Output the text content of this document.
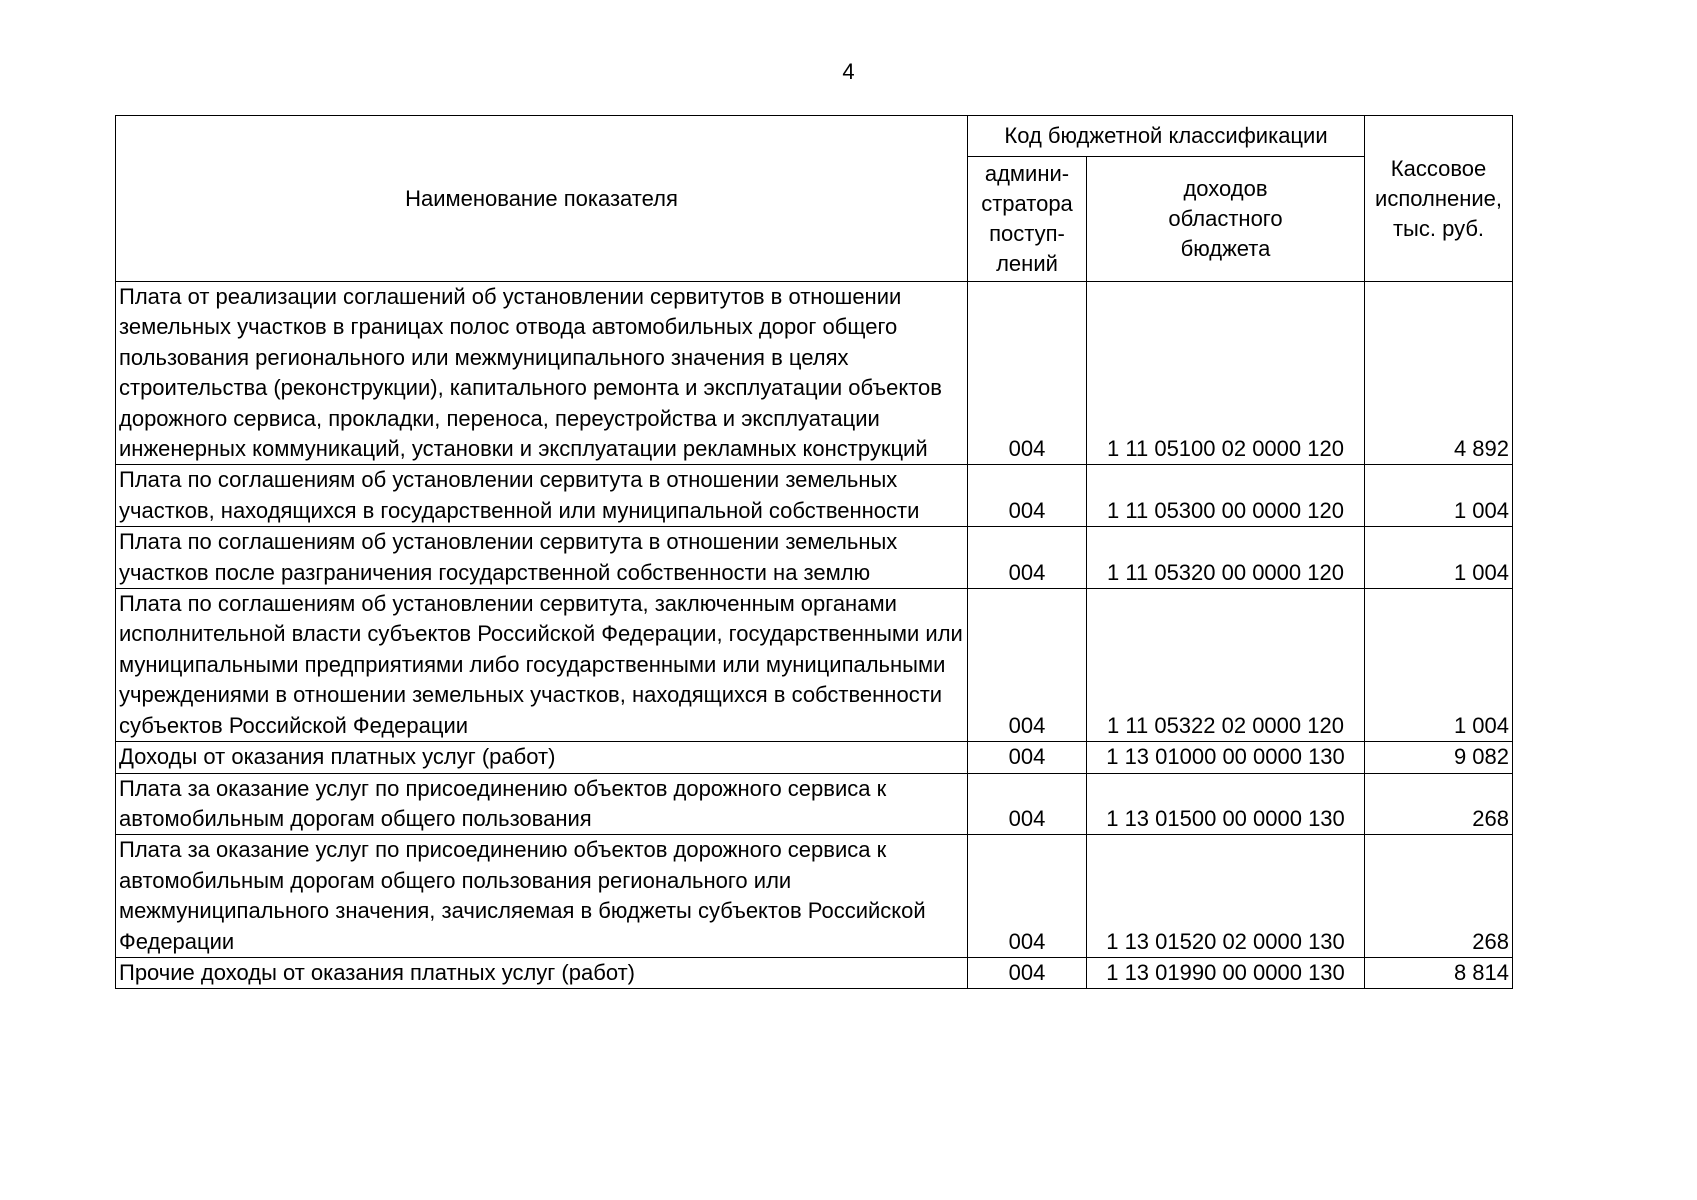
4
Наименование показателя	Код бюджетной классификации		Кассовое
исполнение,
тыс. руб.
	админи-
стратора
поступ-
лений	доходов
областного
бюджета	
Плата от реализации соглашений об установлении сервитутов в отношении земельных участков в границах полос отвода автомобильных дорог общего пользования регионального или межмуниципального значения в целях строительства (реконструкции), капитального ремонта и эксплуатации объектов дорожного сервиса, прокладки, переноса, переустройства и эксплуатации инженерных коммуникаций, установки и эксплуатации рекламных конструкций	004	1 11 05100 02 0000 120	4 892
Плата по соглашениям об установлении сервитута в отношении земельных участков, находящихся в государственной или муниципальной собственности	004	1 11 05300 00 0000 120	1 004
Плата по соглашениям об установлении сервитута в отношении земельных участков после разграничения государственной собственности на землю	004	1 11 05320 00 0000 120	1 004
Плата по соглашениям об установлении сервитута, заключенным органами исполнительной власти субъектов Российской Федерации, государственными или муниципальными предприятиями либо государственными или муниципальными учреждениями в отношении земельных участков, находящихся в собственности субъектов Российской Федерации	004	1 11 05322 02 0000 120	1 004
Доходы от оказания платных услуг (работ)	004	1 13 01000 00 0000 130	9 082
Плата за оказание услуг по присоединению объектов дорожного сервиса к автомобильным дорогам общего пользования	004	1 13 01500 00 0000 130	268
Плата за оказание услуг по присоединению объектов дорожного сервиса к автомобильным дорогам общего пользования регионального или межмуниципального значения, зачисляемая в бюджеты субъектов Российской Федерации	004	1 13 01520 02 0000 130	268
Прочие доходы от оказания платных услуг (работ)	004	1 13 01990 00 0000 130	8 814
